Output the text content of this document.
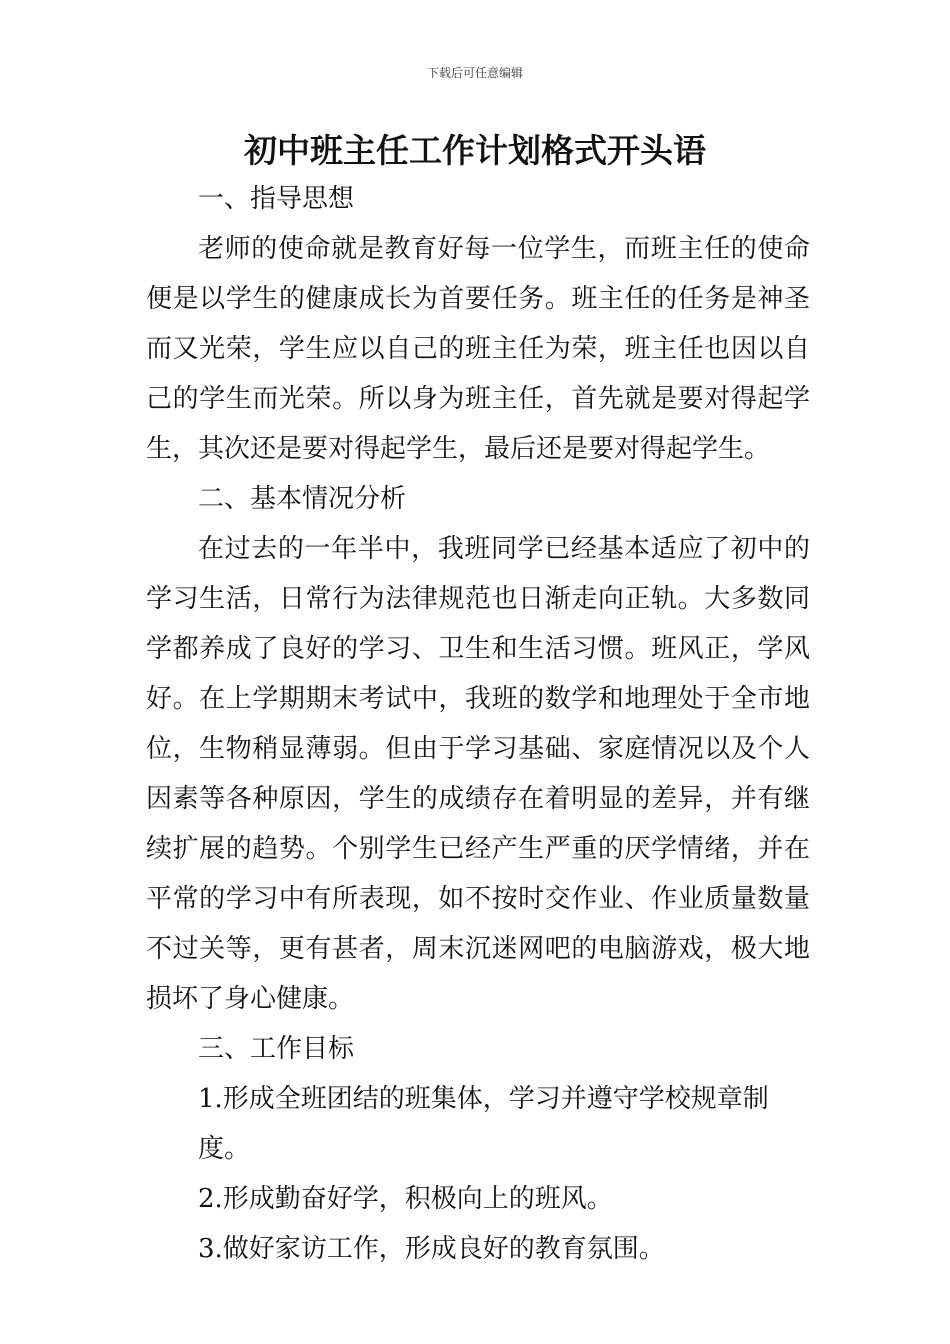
下载后可任意编辑
初中班主任工作计划格式开头语
一、指导思想

老师的使命就是教育好每一位学生，而班主任的使命便是以学生的健康成长为首要任务。班主任的任务是神圣而又光荣，学生应以自己的班主任为荣，班主任也因以自己的学生而光荣。所以身为班主任，首先就是要对得起学生，其次还是要对得起学生，最后还是要对得起学生。

二、基本情况分析

在过去的一年半中，我班同学已经基本适应了初中的学习生活，日常行为法律规范也日渐走向正轨。大多数同学都养成了良好的学习、卫生和生活习惯。班风正，学风好。在上学期期末考试中，我班的数学和地理处于全市地位，生物稍显薄弱。但由于学习基础、家庭情况以及个人因素等各种原因，学生的成绩存在着明显的差异，并有继续扩展的趋势。个别学生已经产生严重的厌学情绪，并在平常的学习中有所表现，如不按时交作业、作业质量数量不过关等，更有甚者，周末沉迷网吧的电脑游戏，极大地损坏了身心健康。

三、工作目标

1.形成全班团结的班集体，学习并遵守学校规章制度。

2.形成勤奋好学，积极向上的班风。

3.做好家访工作，形成良好的教育氛围。
